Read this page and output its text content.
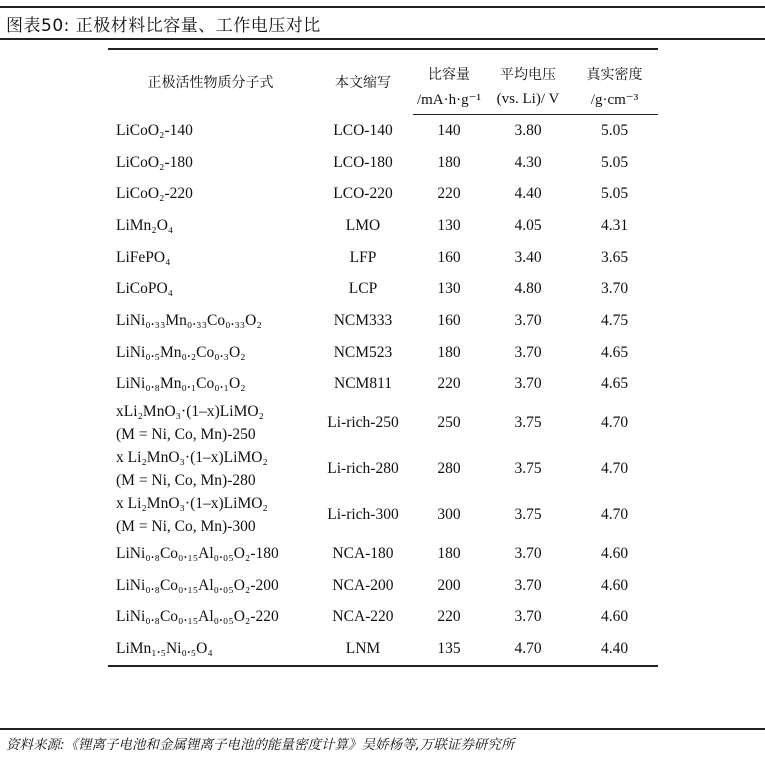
图表50: 正极材料比容量、工作电压对比
正极活性物质分子式	本文缩写	比容量	平均电压	真实密度
		/mA·h·g⁻¹	(vs. Li)/ V	/g·cm⁻³

LiCoO₂-140	LCO-140	140	3.80	5.05

LiCoO₂-180	LCO-180	180	4.30	5.05

LiCoO₂-220	LCO-220	220	4.40	5.05

LiMn₂O₄	LMO	130	4.05	4.31

LiFePO₄	LFP	160	3.40	3.65

LiCoPO₄	LCP	130	4.80	3.70

LiNi₀.₃₃Mn₀.₃₃Co₀.₃₃O₂	NCM333	160	3.70	4.75

LiNi₀.₅Mn₀.₂Co₀.₃O₂	NCM523	180	3.70	4.65

LiNi₀.₈Mn₀.₁Co₀.₁O₂	NCM811	220	3.70	4.65

xLi₂MnO₃·(1–x)LiMO₂
(M = Ni, Co, Mn)-250	Li-rich-250	250	3.75	4.70

x Li₂MnO₃·(1–x)LiMO₂
(M = Ni, Co, Mn)-280	Li-rich-280	280	3.75	4.70

x Li₂MnO₃·(1–x)LiMO₂
(M = Ni, Co, Mn)-300	Li-rich-300	300	3.75	4.70

LiNi₀.₈Co₀.₁₅Al₀.₀₅O₂-180	NCA-180	180	3.70	4.60

LiNi₀.₈Co₀.₁₅Al₀.₀₅O₂-200	NCA-200	200	3.70	4.60

LiNi₀.₈Co₀.₁₅Al₀.₀₅O₂-220	NCA-220	220	3.70	4.60

LiMn₁.₅Ni₀.₅O₄	LNM	135	4.70	4.40
资料来源:《锂离子电池和金属锂离子电池的能量密度计算》吴娇杨等,万联证券研究所
